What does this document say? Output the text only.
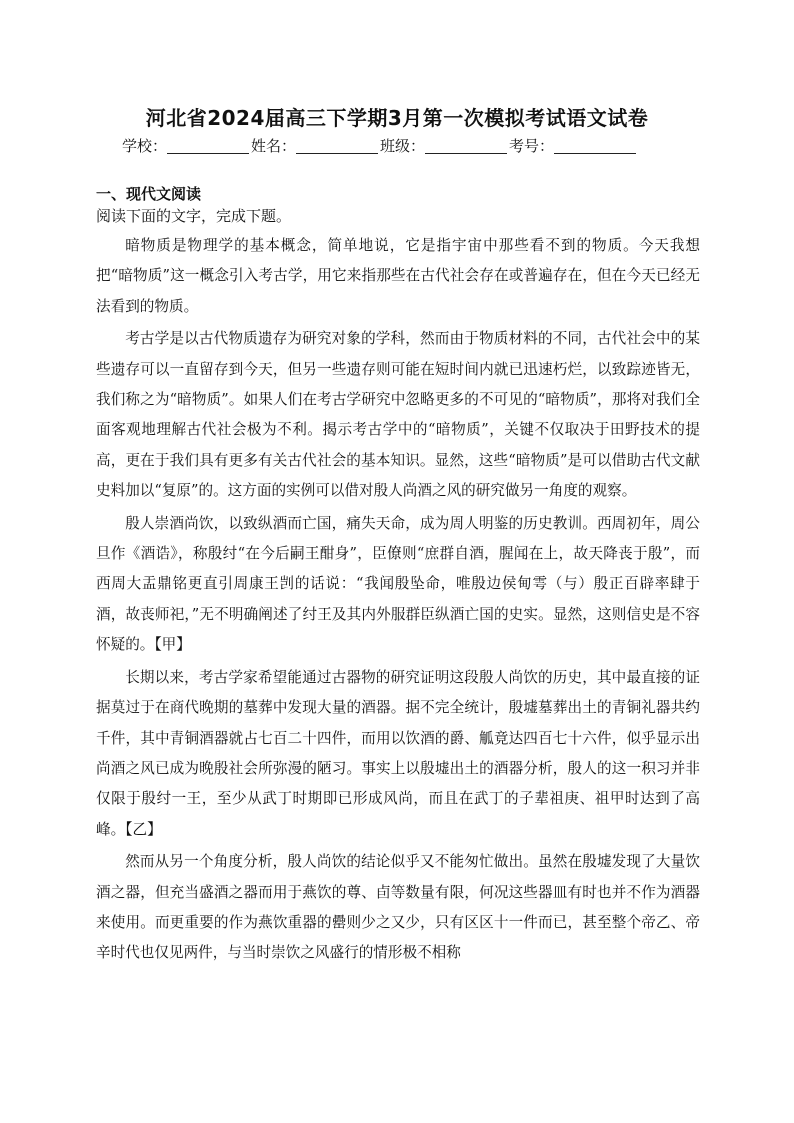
河北省2024届高三下学期3月第一次模拟考试语文试卷
学校：	姓名：	班级：	考号：
一、现代文阅读
阅读下面的文字，完成下题。

暗物质是物理学的基本概念，简单地说，它是指宇宙中那些看不到的物质。今天我想把“暗物质”这一概念引入考古学，用它来指那些在古代社会存在或普遍存在，但在今天已经无法看到的物质。

考古学是以古代物质遗存为研究对象的学科，然而由于物质材料的不同，古代社会中的某些遗存可以一直留存到今天，但另一些遗存则可能在短时间内就已迅速朽烂，以致踪迹皆无，我们称之为“暗物质”。如果人们在考古学研究中忽略更多的不可见的“暗物质”，那将对我们全面客观地理解古代社会极为不利。揭示考古学中的“暗物质”，关键不仅取决于田野技术的提高，更在于我们具有更多有关古代社会的基本知识。显然，这些“暗物质”是可以借助古代文献史料加以“复原”的。这方面的实例可以借对殷人尚酒之风的研究做另一角度的观察。

殷人崇酒尚饮，以致纵酒而亡国，痛失天命，成为周人明鉴的历史教训。西周初年，周公旦作《酒诰》，称殷纣“在今后嗣王酣身”，臣僚则“庶群自酒，腥闻在上，故天降丧于殷”，而西周大盂鼎铭更直引周康王剀的话说：“我闻殷坠命，唯殷边侯甸雩（与）殷正百辟率肆于酒，故丧师祀，”无不明确阐述了纣王及其内外服群臣纵酒亡国的史实。显然，这则信史是不容怀疑的。【甲】

长期以来，考古学家希望能通过古器物的研究证明这段殷人尚饮的历史，其中最直接的证据莫过于在商代晚期的墓葬中发现大量的酒器。据不完全统计，殷墟墓葬出土的青铜礼器共约千件，其中青铜酒器就占七百二十四件，而用以饮酒的爵、觚竟达四百七十六件，似乎显示出尚酒之风已成为晚殷社会所弥漫的陋习。事实上以殷墟出土的酒器分析，殷人的这一积习并非仅限于殷纣一王，至少从武丁时期即已形成风尚，而且在武丁的子辈祖庚、祖甲时达到了高峰。【乙】

然而从另一个角度分析，殷人尚饮的结论似乎又不能匆忙做出。虽然在殷墟发现了大量饮酒之器，但充当盛酒之器而用于燕饮的尊、卣等数量有限，何况这些器皿有时也并不作为酒器来使用。而更重要的作为燕饮重器的罍则少之又少，只有区区十一件而已，甚至整个帝乙、帝辛时代也仅见两件，与当时崇饮之风盛行的情形极不相称
